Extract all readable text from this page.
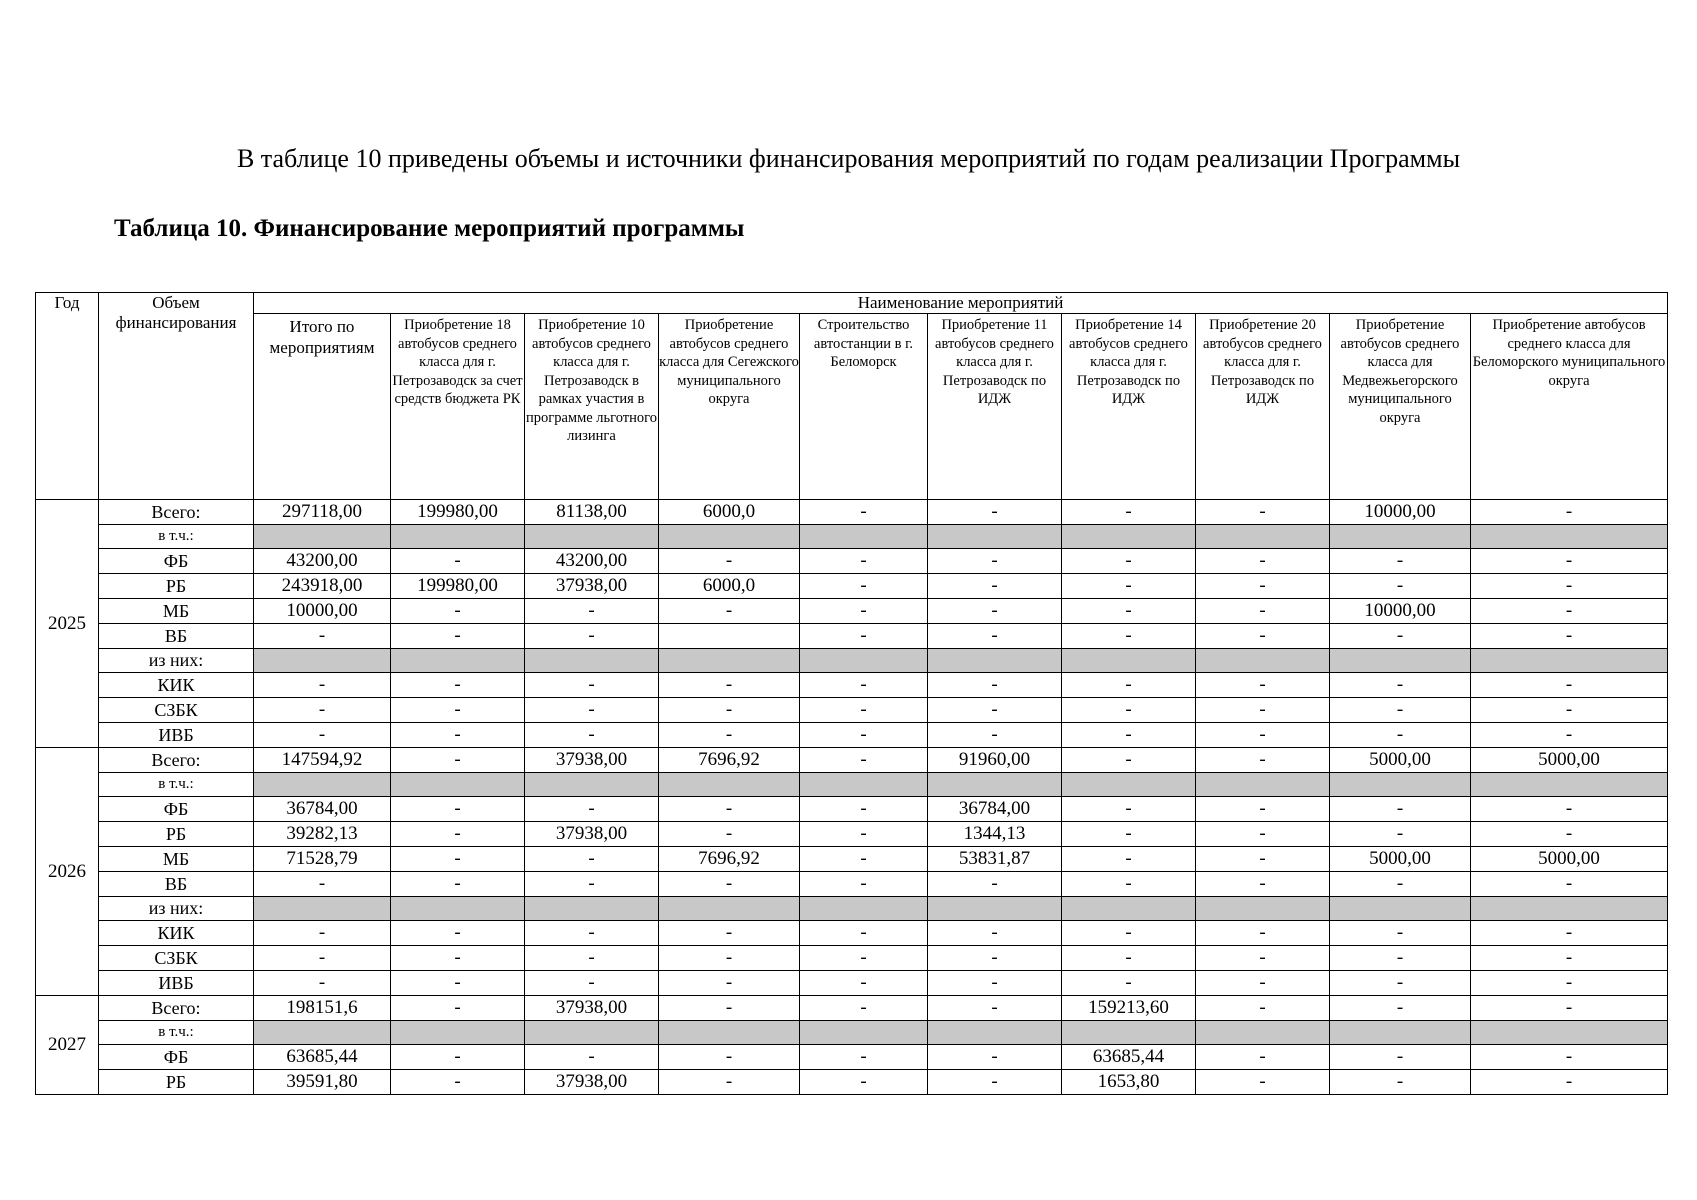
В таблице 10 приведены объемы и источники финансирования мероприятий по годам реализации Программы
Таблица 10. Финансирование мероприятий программы
Год	Объем финансирования	Наименование мероприятий									
		Итого по мероприятиям	Приобретение 18 автобусов среднего класса для г. Петрозаводск за счет средств бюджета РК	Приобретение 10 автобусов среднего класса для г. Петрозаводск в рамках участия в программе льготного лизинга	Приобретение автобусов среднего класса для Сегежского муниципального округа	Строительство автостанции в г. Беломорск	Приобретение 11 автобусов среднего класса для г. Петрозаводск по ИДЖ	Приобретение 14 автобусов среднего класса для г. Петрозаводск по ИДЖ	Приобретение 20 автобусов среднего класса для г. Петрозаводск по ИДЖ	Приобретение автобусов среднего класса для Медвежьегорского муниципального округа	Приобретение автобусов среднего класса для Беломорского муниципального округа
2025	Всего:	297118,00	199980,00	81138,00	6000,0	-	-	-	-	10000,00	-
	в т.ч.:										
	ФБ	43200,00	-	43200,00	-	-	-	-	-	-	-
	РБ	243918,00	199980,00	37938,00	6000,0	-	-	-	-	-	-
	МБ	10000,00	-	-	-	-	-	-	-	10000,00	-
	ВБ	-	-	-		-	-	-	-	-	-
	из них:										
	КИК	-	-	-	-	-	-	-	-	-	-
	СЗБК	-	-	-	-	-	-	-	-	-	-
	ИВБ	-	-	-	-	-	-	-	-	-	-
2026	Всего:	147594,92	-	37938,00	7696,92	-	91960,00	-	-	5000,00	5000,00
	в т.ч.:										
	ФБ	36784,00	-	-	-	-	36784,00	-	-	-	-
	РБ	39282,13	-	37938,00	-	-	1344,13	-	-	-	-
	МБ	71528,79	-	-	7696,92	-	53831,87	-	-	5000,00	5000,00
	ВБ	-	-	-	-	-	-	-	-	-	-
	из них:										
	КИК	-	-	-	-	-	-	-	-	-	-
	СЗБК	-	-	-	-	-	-	-	-	-	-
	ИВБ	-	-	-	-	-	-	-	-	-	-
2027	Всего:	198151,6	-	37938,00	-	-	-	159213,60	-	-	-
	в т.ч.:										
	ФБ	63685,44	-	-	-	-	-	63685,44	-	-	-
	РБ	39591,80	-	37938,00	-	-	-	1653,80	-	-	-
